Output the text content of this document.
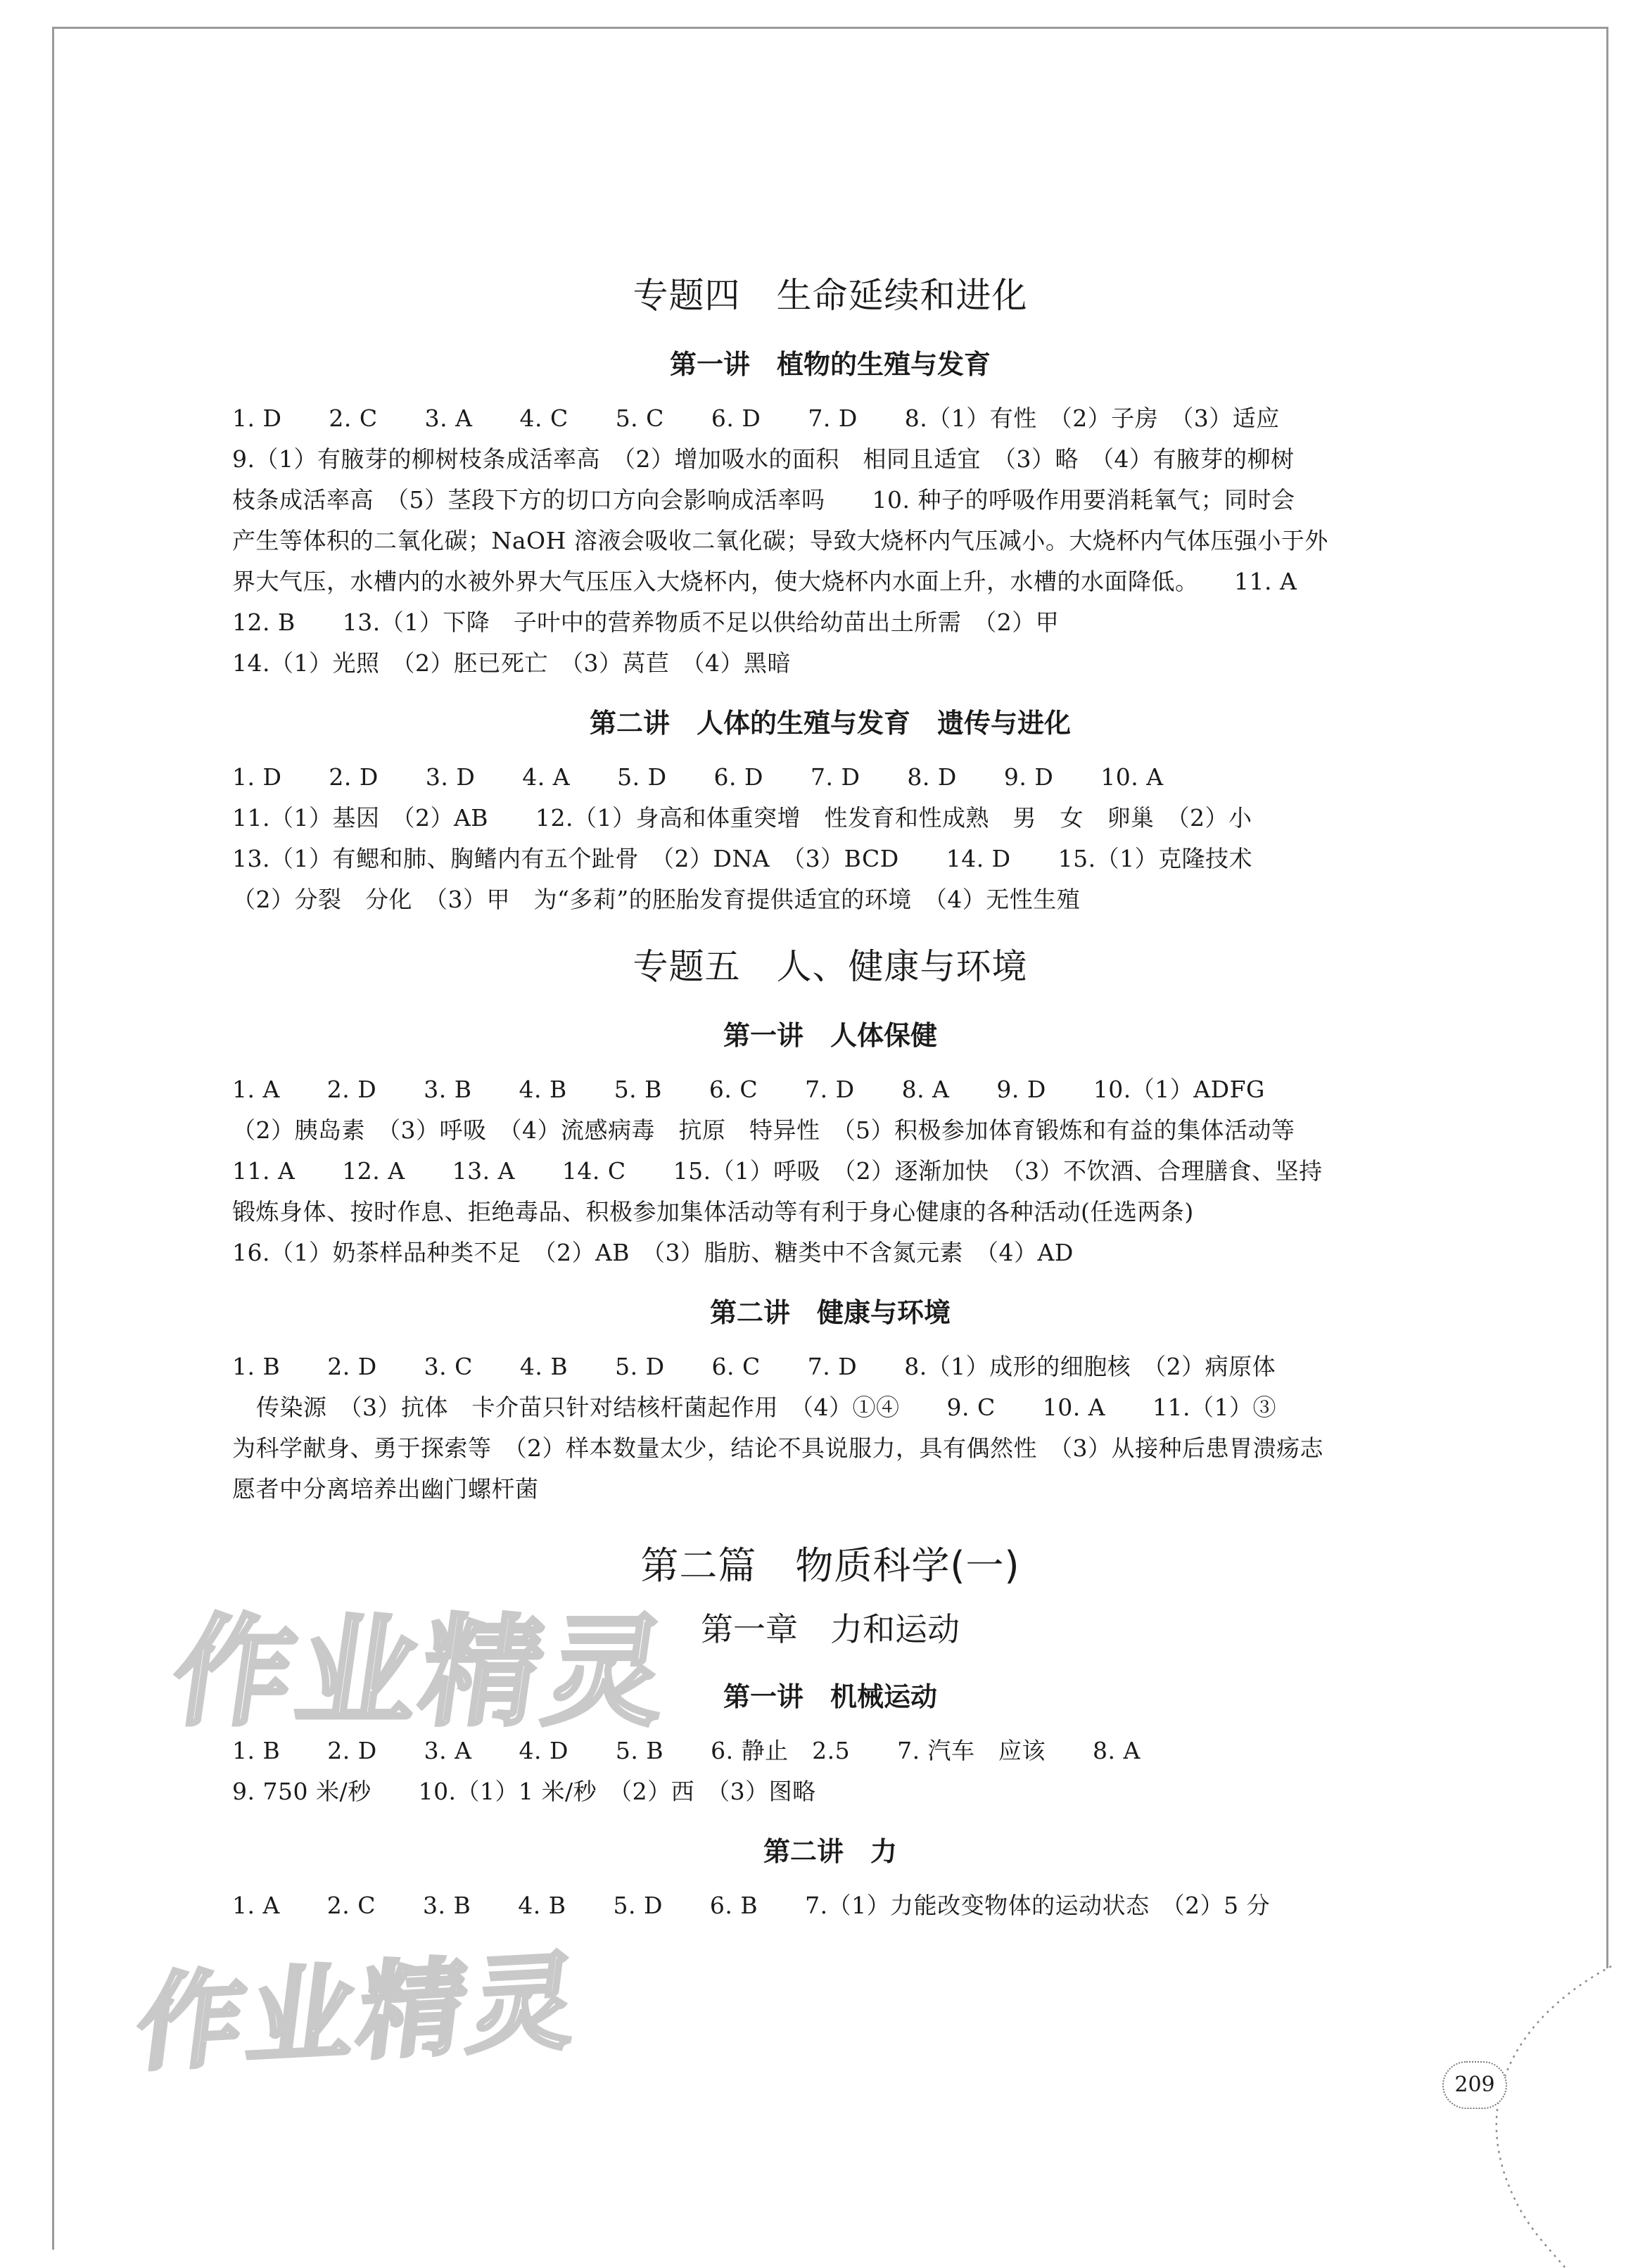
作业精灵
作业精灵
专题四　生命延续和进化
第一讲　植物的生殖与发育

1. D　　2. C　　3. A　　4. C　　5. C　　6. D　　7. D　　8.（1）有性　（2）子房　（3）适应

9.（1）有腋芽的柳树枝条成活率高　（2）增加吸水的面积　相同且适宜　（3）略　（4）有腋芽的柳树

枝条成活率高　（5）茎段下方的切口方向会影响成活率吗　　10. 种子的呼吸作用要消耗氧气；同时会

产生等体积的二氧化碳；NaOH 溶液会吸收二氧化碳；导致大烧杯内气压减小。大烧杯内气体压强小于外

界大气压，水槽内的水被外界大气压压入大烧杯内，使大烧杯内水面上升，水槽的水面降低。　　11. A

12. B　　13.（1）下降　子叶中的营养物质不足以供给幼苗出土所需　（2）甲

14.（1）光照　（2）胚已死亡　（3）莴苣　（4）黑暗

第二讲　人体的生殖与发育　遗传与进化

1. D　　2. D　　3. D　　4. A　　5. D　　6. D　　7. D　　8. D　　9. D　　10. A

11.（1）基因　（2）AB　　12.（1）身高和体重突增　性发育和性成熟　男　女　卵巢　（2）小

13.（1）有鳃和肺、胸鳍内有五个趾骨　（2）DNA　（3）BCD　　14. D　　15.（1）克隆技术

（2）分裂　分化　（3）甲　为“多莉”的胚胎发育提供适宜的环境　（4）无性生殖

专题五　人、健康与环境
第一讲　人体保健

1. A　　2. D　　3. B　　4. B　　5. B　　6. C　　7. D　　8. A　　9. D　　10.（1）ADFG

（2）胰岛素　（3）呼吸　（4）流感病毒　抗原　特异性　（5）积极参加体育锻炼和有益的集体活动等

11. A　　12. A　　13. A　　14. C　　15.（1）呼吸　（2）逐渐加快　（3）不饮酒、合理膳食、坚持

锻炼身体、按时作息、拒绝毒品、积极参加集体活动等有利于身心健康的各种活动(任选两条)

16.（1）奶茶样品种类不足　（2）AB　（3）脂肪、糖类中不含氮元素　（4）AD

第二讲　健康与环境

1. B　　2. D　　3. C　　4. B　　5. D　　6. C　　7. D　　8.（1）成形的细胞核　（2）病原体

传染源　（3）抗体　卡介苗只针对结核杆菌起作用　（4）①④　　9. C　　10. A　　11.（1）③

为科学献身、勇于探索等　（2）样本数量太少，结论不具说服力，具有偶然性　（3）从接种后患胃溃疡志

愿者中分离培养出幽门螺杆菌

第二篇　物质科学(一)
第一章　力和运动
第一讲　机械运动

1. B　　2. D　　3. A　　4. D　　5. B　　6. 静止　2.5　　7. 汽车　应该　　8. A

9. 750 米/秒　　10.（1）1 米/秒　（2）西　（3）图略

第二讲　力

1. A　　2. C　　3. B　　4. B　　5. D　　6. B　　7.（1）力能改变物体的运动状态　（2）5 分

209
